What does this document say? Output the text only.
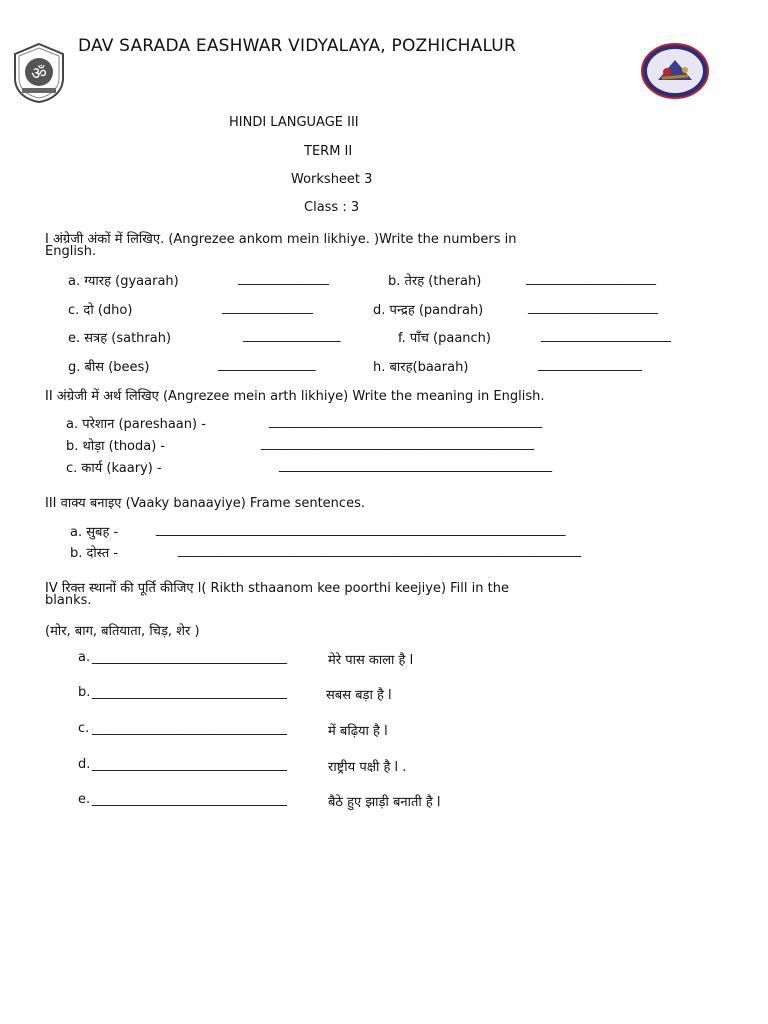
ॐ
DAV SARADA EASHWAR VIDYALAYA, POZHICHALUR
HINDI LANGUAGE III
TERM II
Worksheet 3
Class : 3
I अंग्रेजी अंकों में लिखिए. (Angrezee ankom mein likhiye. )Write the numbers in
English.
a. ग्यारह (gyaarah)	______________	b. तेरह (therah)	____________________
c. दो (dho)	______________	d. पन्द्रह (pandrah)	____________________
e. सत्रह (sathrah)	_______________	f. पाँच (paanch)	____________________
g. बीस (bees)	_______________	h. बारह(baarah)	________________
II अंग्रेजी में अर्थ लिखिए (Angrezee mein arth likhiye) Write the meaning in English.
a. परेशान (pareshaan) -	__________________________________________
b. थोड़ा (thoda) -	__________________________________________
c. कार्य (kaary) -	__________________________________________
III वाक्य बनाइए (Vaaky banaayiye) Frame sentences.
a. सुबह -	_______________________________________________________________
b. दोस्त -	______________________________________________________________
IV रिक्त स्थानों की पूर्ति कीजिए l( Rikth sthaanom kee poorthi keejiye) Fill in the
blanks.
(मोर, बाग, बतियाता, चिड़, शेर )
a. ______________________________	मेरे पास काला है l
b. ______________________________	सबस बड़ा है l
c. ______________________________	में बढ़िया है l
d. ______________________________	राष्ट्रीय पक्षी है l .
e. ______________________________	बैठे हुए झाड़ी बनाती है l
